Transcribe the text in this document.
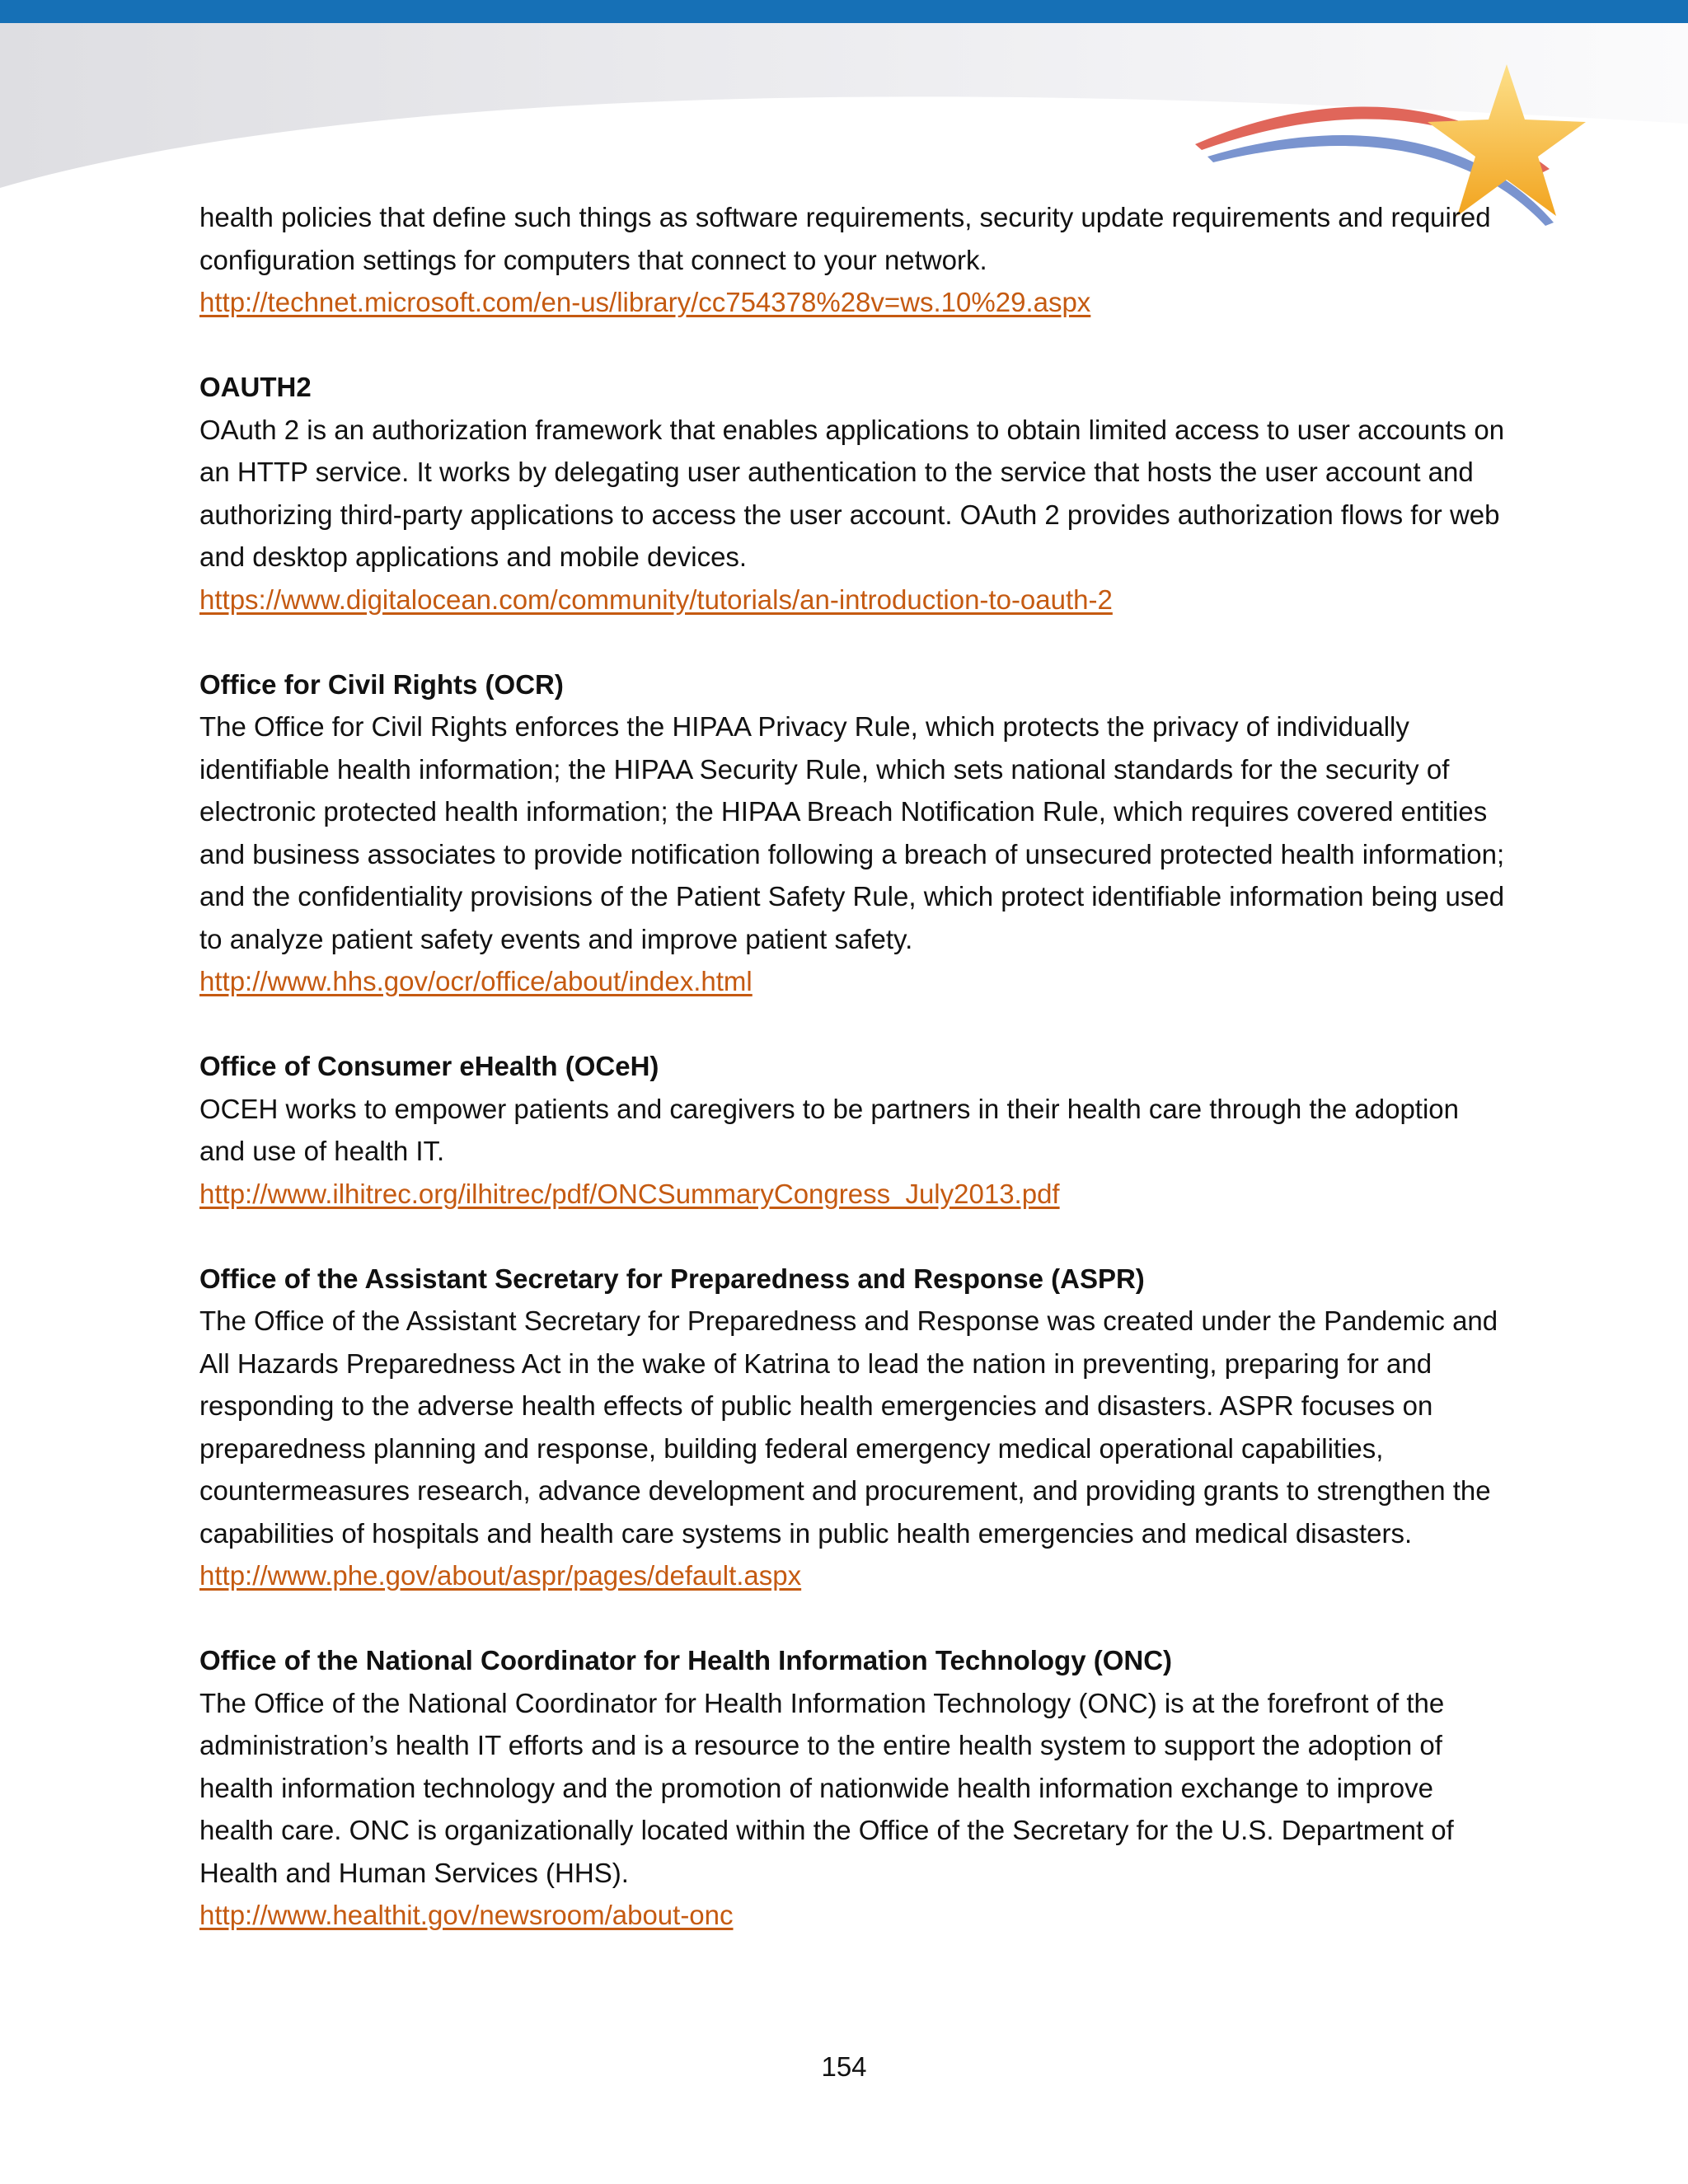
health policies that define such things as software requirements, security update requirements and required configuration settings for computers that connect to your network.

http://technet.microsoft.com/en-us/library/cc754378%28v=ws.10%29.aspx

OAUTH2

OAuth 2 is an authorization framework that enables applications to obtain limited access to user accounts on an HTTP service. It works by delegating user authentication to the service that hosts the user account and authorizing third-party applications to access the user account. OAuth 2 provides authorization flows for web and desktop applications and mobile devices.

https://www.digitalocean.com/community/tutorials/an-introduction-to-oauth-2

Office for Civil Rights (OCR)

The Office for Civil Rights enforces the HIPAA Privacy Rule, which protects the privacy of individually identifiable health information; the HIPAA Security Rule, which sets national standards for the security of electronic protected health information; the HIPAA Breach Notification Rule, which requires covered entities and business associates to provide notification following a breach of unsecured protected health information; and the confidentiality provisions of the Patient Safety Rule, which protect identifiable information being used to analyze patient safety events and improve patient safety.

http://www.hhs.gov/ocr/office/about/index.html

Office of Consumer eHealth (OCeH)

OCEH works to empower patients and caregivers to be partners in their health care through the adoption and use of health IT.

http://www.ilhitrec.org/ilhitrec/pdf/ONCSummaryCongress_July2013.pdf

Office of the Assistant Secretary for Preparedness and Response (ASPR)

The Office of the Assistant Secretary for Preparedness and Response was created under the Pandemic and All Hazards Preparedness Act in the wake of Katrina to lead the nation in preventing, preparing for and responding to the adverse health effects of public health emergencies and disasters. ASPR focuses on preparedness planning and response, building federal emergency medical operational capabilities, countermeasures research, advance development and procurement, and providing grants to strengthen the capabilities of hospitals and health care systems in public health emergencies and medical disasters.

http://www.phe.gov/about/aspr/pages/default.aspx

Office of the National Coordinator for Health Information Technology (ONC)

The Office of the National Coordinator for Health Information Technology (ONC) is at the forefront of the administration’s health IT efforts and is a resource to the entire health system to support the adoption of health information technology and the promotion of nationwide health information exchange to improve health care. ONC is organizationally located within the Office of the Secretary for the U.S. Department of Health and Human Services (HHS).

http://www.healthit.gov/newsroom/about-onc
154
